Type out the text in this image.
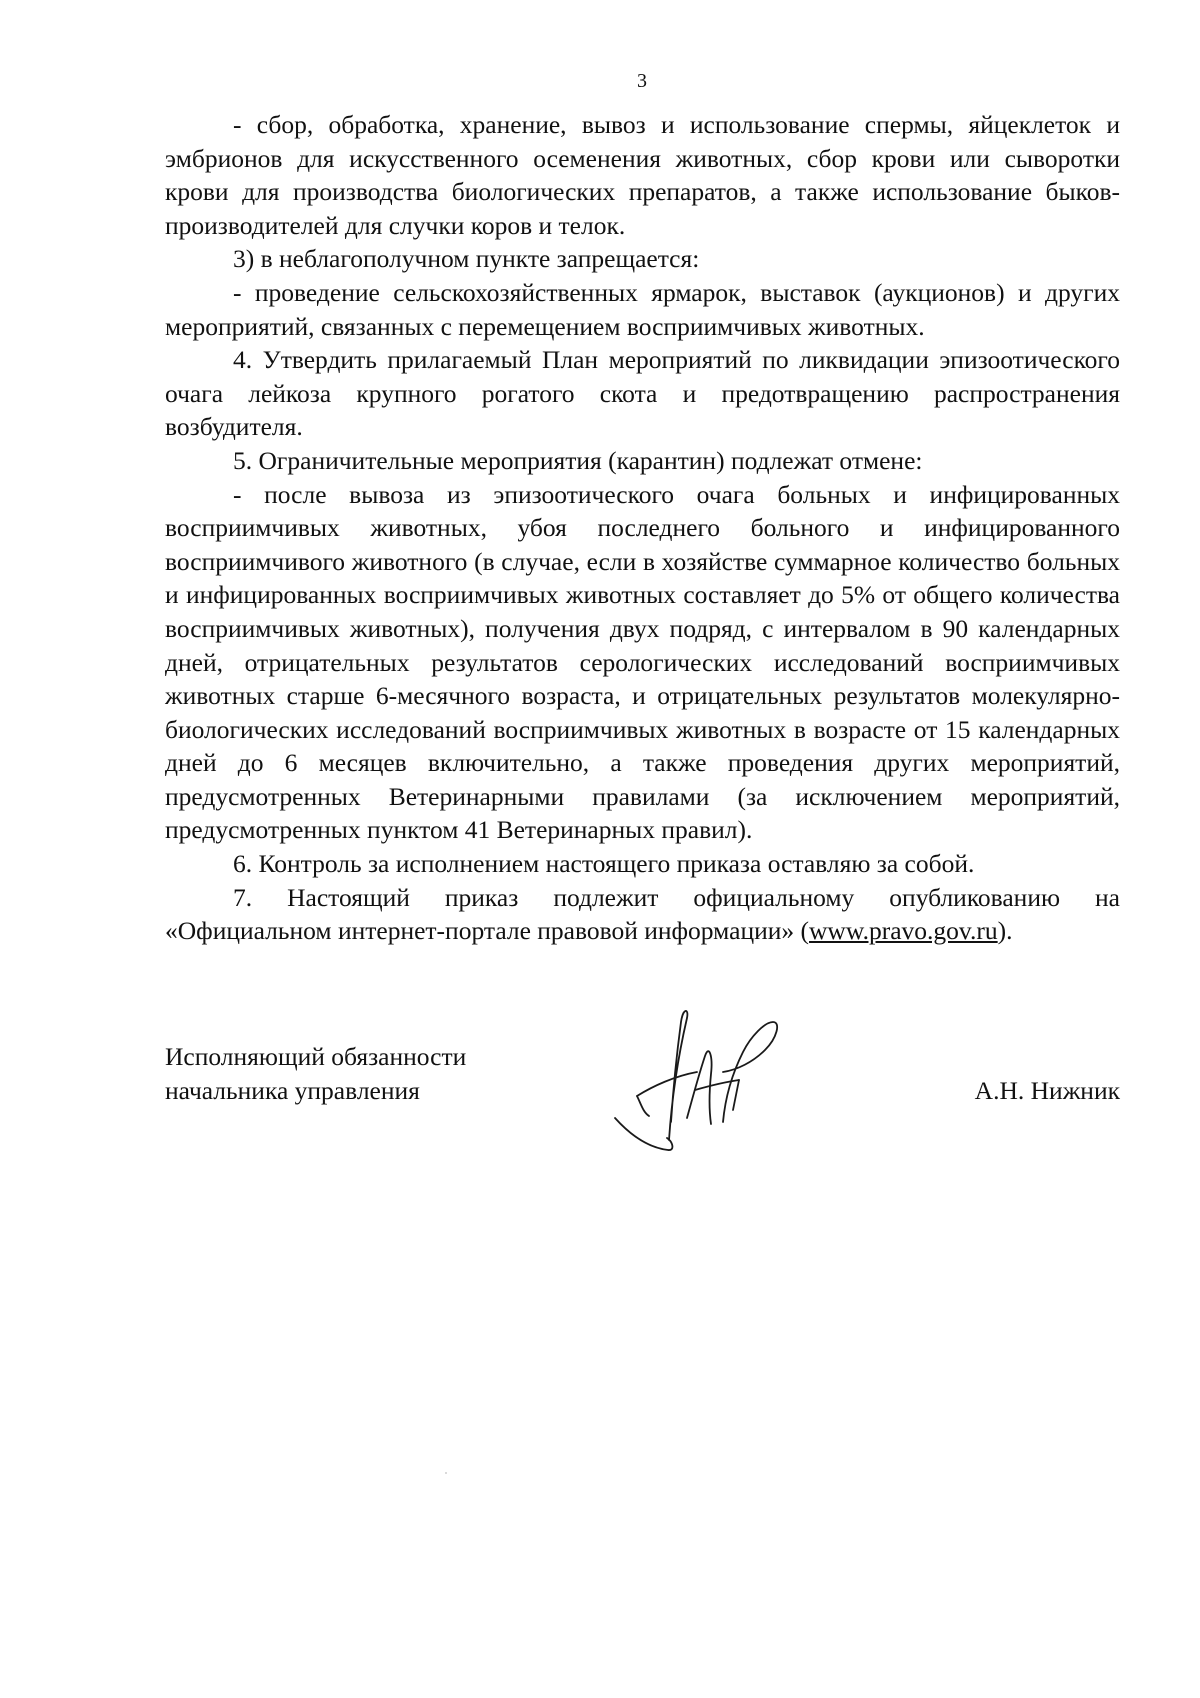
3

- сбор, обработка, хранение, вывоз и использование спермы, яйцеклеток и эмбрионов для искусственного осеменения животных, сбор крови или сыворотки крови для производства биологических препаратов, а также использование быков-производителей для случки коров и телок.

3) в неблагополучном пункте запрещается:

- проведение сельскохозяйственных ярмарок, выставок (аукционов) и других мероприятий, связанных с перемещением восприимчивых животных.

4. Утвердить прилагаемый План мероприятий по ликвидации эпизоотического очага лейкоза крупного рогатого скота и предотвращению распространения возбудителя.

5. Ограничительные мероприятия (карантин) подлежат отмене:

- после вывоза из эпизоотического очага больных и инфицированных восприимчивых животных, убоя последнего больного и инфицированного восприимчивого животного (в случае, если в хозяйстве суммарное количество больных и инфицированных восприимчивых животных составляет до 5% от общего количества восприимчивых животных), получения двух подряд, с интервалом в 90 календарных дней, отрицательных результатов серологических исследований восприимчивых животных старше 6-месячного возраста, и отрицательных результатов молекулярно-биологических исследований восприимчивых животных в возрасте от 15 календарных дней до 6 месяцев включительно, а также проведения других мероприятий, предусмотренных Ветеринарными правилами (за исключением мероприятий, предусмотренных пунктом 41 Ветеринарных правил).

6. Контроль за исполнением настоящего приказа оставляю за собой.

7. Настоящий приказ подлежит официальному опубликованию на «Официальном интернет-портале правовой информации» (www.pravo.gov.ru).

Исполняющий обязанности
начальника управления	А.Н. Нижник
